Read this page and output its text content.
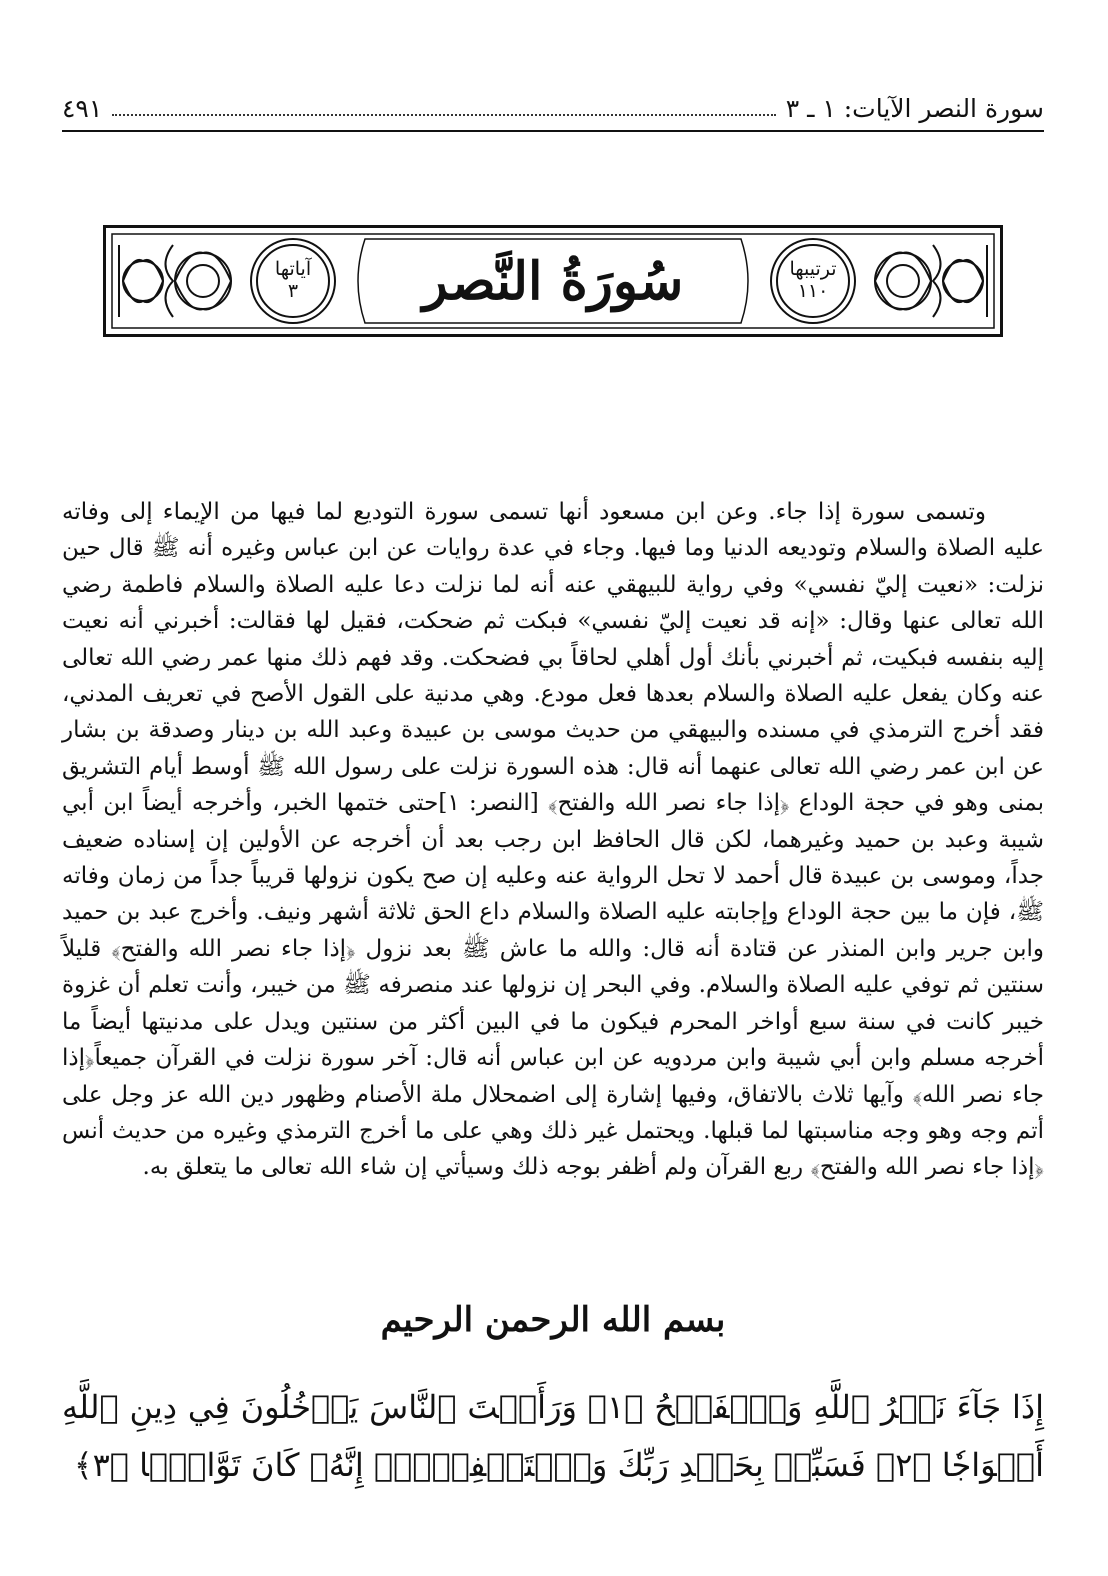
سورة النصر الآيات: ١ ـ ٣
٤٩١
سُورَةُ النَّصر	ترتيبها
١١٠
آياتها
٣

وتسمى سورة إذا جاء. وعن ابن مسعود أنها تسمى سورة التوديع لما فيها من الإيماء إلى وفاته عليه الصلاة والسلام وتوديعه الدنيا وما فيها. وجاء في عدة روايات عن ابن عباس وغيره أنه ﷺ قال حين نزلت: «نعيت إليّ نفسي» وفي رواية للبيهقي عنه أنه لما نزلت دعا عليه الصلاة والسلام فاطمة رضي الله تعالى عنها وقال: «إنه قد نعيت إليّ نفسي» فبكت ثم ضحكت، فقيل لها فقالت: أخبرني أنه نعيت إليه بنفسه فبكيت، ثم أخبرني بأنك أول أهلي لحاقاً بي فضحكت. وقد فهم ذلك منها عمر رضي الله تعالى عنه وكان يفعل عليه الصلاة والسلام بعدها فعل مودع. وهي مدنية على القول الأصح في تعريف المدني، فقد أخرج الترمذي في مسنده والبيهقي من حديث موسى بن عبيدة وعبد الله بن دينار وصدقة بن بشار عن ابن عمر رضي الله تعالى عنهما أنه قال: هذه السورة نزلت على رسول الله ﷺ أوسط أيام التشريق بمنى وهو في حجة الوداع ﴿إذا جاء نصر الله والفتح﴾ [النصر: ١]حتى ختمها الخبر، وأخرجه أيضاً ابن أبي شيبة وعبد بن حميد وغيرهما، لكن قال الحافظ ابن رجب بعد أن أخرجه عن الأولين إن إسناده ضعيف جداً، وموسى بن عبيدة قال أحمد لا تحل الرواية عنه وعليه إن صح يكون نزولها قريباً جداً من زمان وفاته ﷺ، فإن ما بين حجة الوداع وإجابته عليه الصلاة والسلام داع الحق ثلاثة أشهر ونيف. وأخرج عبد بن حميد وابن جرير وابن المنذر عن قتادة أنه قال: والله ما عاش ﷺ بعد نزول ﴿إذا جاء نصر الله والفتح﴾ قليلاً سنتين ثم توفي عليه الصلاة والسلام. وفي البحر إن نزولها عند منصرفه ﷺ من خيبر، وأنت تعلم أن غزوة خيبر كانت في سنة سبع أواخر المحرم فيكون ما في البين أكثر من سنتين ويدل على مدنيتها أيضاً ما أخرجه مسلم وابن أبي شيبة وابن مردويه عن ابن عباس أنه قال: آخر سورة نزلت في القرآن جميعاً﴿إذا جاء نصر الله﴾ وآيها ثلاث بالاتفاق، وفيها إشارة إلى اضمحلال ملة الأصنام وظهور دين الله عز وجل على أتم وجه وهو وجه مناسبتها لما قبلها. ويحتمل غير ذلك وهي على ما أخرج الترمذي وغيره من حديث أنس ﴿إذا جاء نصر الله والفتح﴾ ربع القرآن ولم أظفر بوجه ذلك وسيأتي إن شاء الله تعالى ما يتعلق به.

بسم الله الرحمن الرحيم
إِذَا جَآءَ نَصۡرُ ٱللَّهِ وَٱلۡفَتۡحُ ﴿١﴾ وَرَأَيۡتَ ٱلنَّاسَ يَدۡخُلُونَ فِي دِينِ ٱللَّهِ أَفۡوَاجٗا ﴿٢﴾ فَسَبِّحۡ بِحَمۡدِ رَبِّكَ وَٱسۡتَغۡفِرۡهُۚ إِنَّهُۥ كَانَ تَوَّابَۢا ﴿٣﴾
